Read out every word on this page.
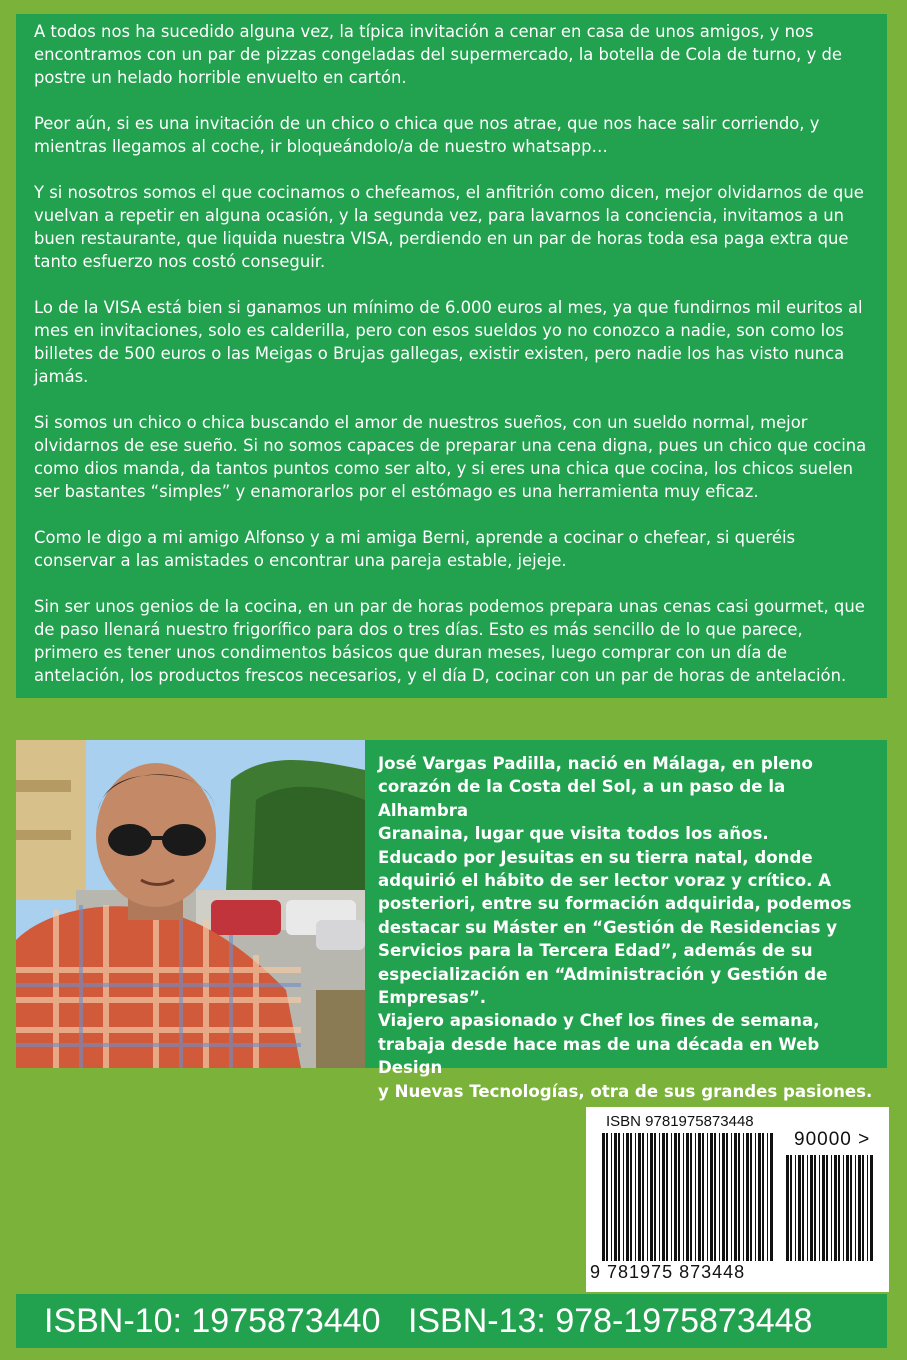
A todos nos ha sucedido alguna vez, la típica invitación a cenar en casa de unos amigos, y nos encontramos con un par de pizzas congeladas del supermercado, la botella de Cola de turno, y de postre un helado horrible envuelto en cartón.

Peor aún, si es una invitación de un chico o chica que nos atrae, que nos hace salir corriendo, y mientras llegamos al coche, ir bloqueándolo/a de nuestro whatsapp…

Y si nosotros somos el que cocinamos o chefeamos, el anfitrión como dicen, mejor olvidarnos de que vuelvan a repetir en alguna ocasión, y la segunda vez, para lavarnos la conciencia, invitamos a un buen restaurante, que liquida nuestra VISA, perdiendo en un par de horas toda esa paga extra que tanto esfuerzo nos costó conseguir.

Lo de la VISA está bien si ganamos un mínimo de 6.000 euros al mes, ya que fundirnos mil euritos al mes en invitaciones, solo es calderilla, pero con esos sueldos yo no conozco a nadie, son como los billetes de 500 euros o las Meigas o Brujas gallegas, existir existen, pero nadie los has visto nunca jamás.

Si somos un chico o chica buscando el amor de nuestros sueños, con un sueldo normal, mejor olvidarnos de ese sueño. Si no somos capaces de preparar una cena digna, pues un chico que cocina como dios manda, da tantos puntos como ser alto, y si eres una chica que cocina, los chicos suelen ser bastantes “simples” y enamorarlos por el estómago es una herramienta muy eficaz.

Como le digo a mi amigo Alfonso y a mi amiga Berni, aprende a cocinar o chefear, si queréis conservar a las amistades o encontrar una pareja estable, jejeje.

Sin ser unos genios de la cocina, en un par de horas podemos prepara unas cenas casi gourmet, que de paso llenará nuestro frigorífico para dos o tres días. Esto es más sencillo de lo que parece, primero es tener unos condimentos básicos que duran meses, luego comprar con un día de antelación, los productos frescos necesarios, y el día D, cocinar con un par de horas de antelación.

José Vargas Padilla, nació en Málaga, en pleno
corazón de la Costa del Sol, a un paso de la Alhambra
Granaina, lugar que visita todos los años.
Educado por Jesuitas en su tierra natal, donde
adquirió el hábito de ser lector voraz y crítico. A
posteriori, entre su formación adquirida, podemos
destacar su Máster en “Gestión de Residencias y
Servicios para la Tercera Edad”, además de su
especialización en “Administración y Gestión de
Empresas”.
Viajero apasionado y Chef los fines de semana,
trabaja desde hace mas de una década en Web Design
y Nuevas Tecnologías, otra de sus grandes pasiones.
ISBN 9781975873448
90000 >
9 781975 873448
ISBN-10: 1975873440 ISBN-13: 978-1975873448
